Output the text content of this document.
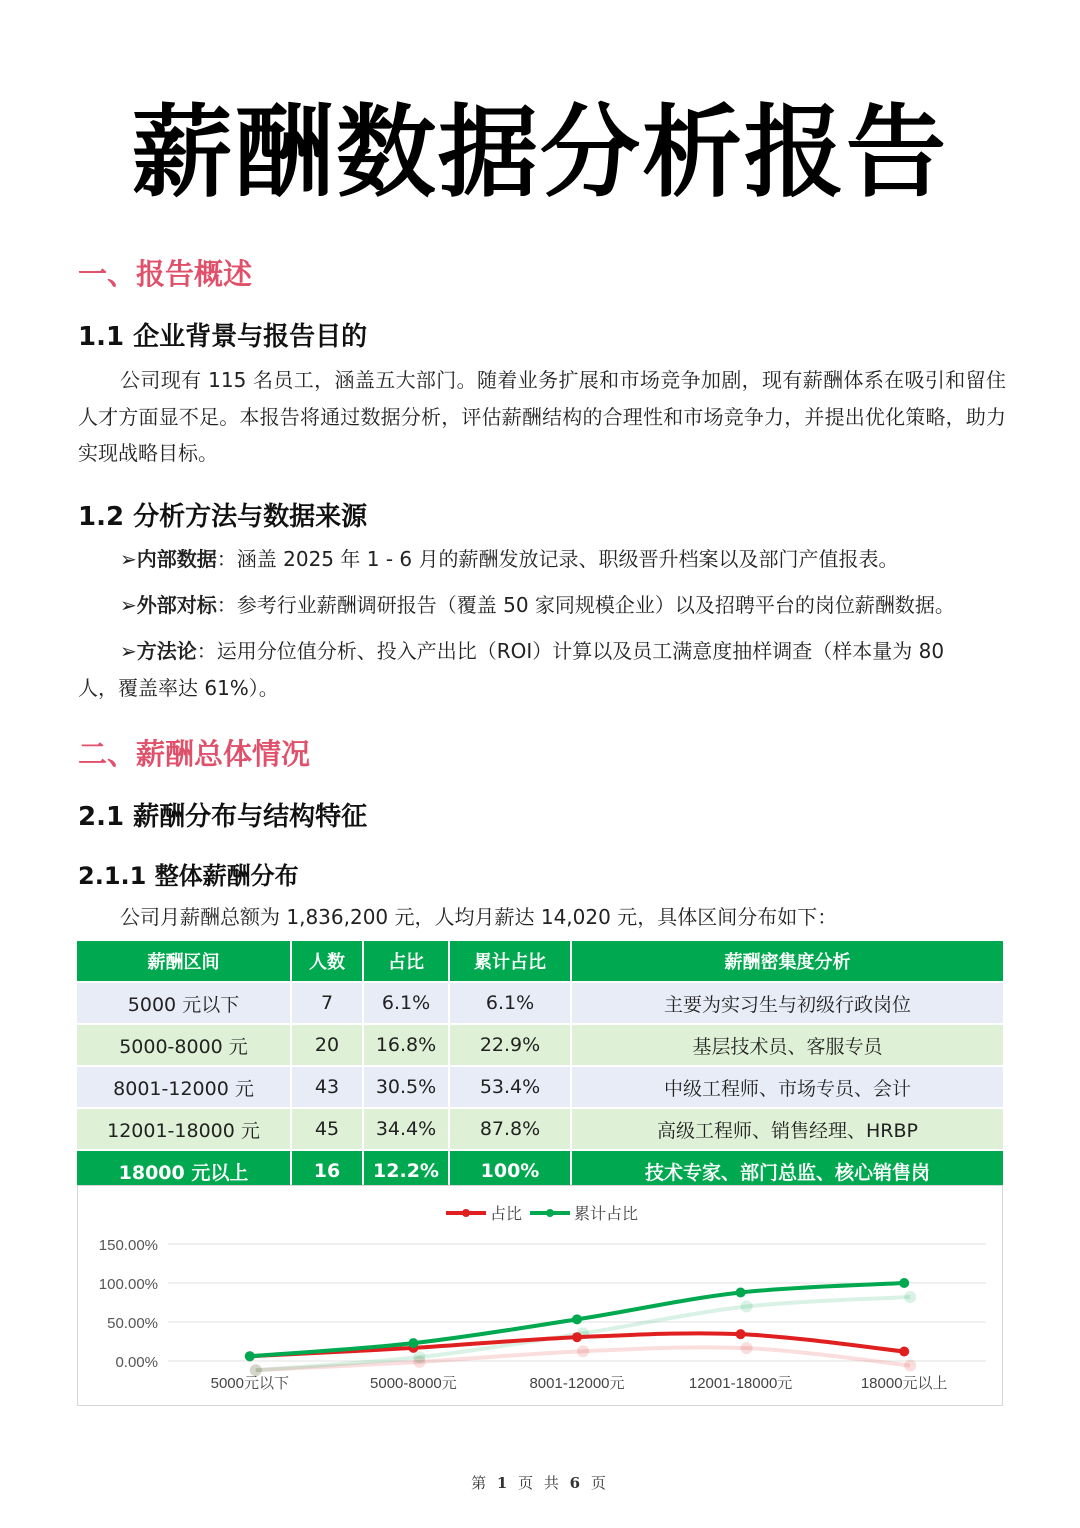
薪酬数据分析报告
一、报告概述
1.1 企业背景与报告目的
公司现有 115 名员工，涵盖五大部门。随着业务扩展和市场竞争加剧，现有薪酬体系在吸引和留住人才方面显不足。本报告将通过数据分析，评估薪酬结构的合理性和市场竞争力，并提出优化策略，助力实现战略目标。
1.2 分析方法与数据来源
➢内部数据：涵盖 2025 年 1 - 6 月的薪酬发放记录、职级晋升档案以及部门产值报表。
➢外部对标：参考行业薪酬调研报告（覆盖 50 家同规模企业）以及招聘平台的岗位薪酬数据。
➢方法论：运用分位值分析、投入产出比（ROI）计算以及员工满意度抽样调查（样本量为 80
人，覆盖率达 61%）。
二、薪酬总体情况
2.1 薪酬分布与结构特征
2.1.1 整体薪酬分布
公司月薪酬总额为 1,836,200 元，人均月薪达 14,020 元，具体区间分布如下：
薪酬区间	人数	占比	累计占比	薪酬密集度分析
5000 元以下	7	6.1%	6.1%	主要为实习生与初级行政岗位
5000-8000 元	20	16.8%	22.9%	基层技术员、客服专员
8001-12000 元	43	30.5%	53.4%	中级工程师、市场专员、会计
12001-18000 元	45	34.4%	87.8%	高级工程师、销售经理、HRBP
18000 元以上	16	12.2%	100%	技术专家、部门总监、核心销售岗
0.00%
50.00%
100.00%
150.00%
5000元以下	5000-8000元	8001-12000元	12001-18000元	18000元以上
占比	累计占比
第 1 页 共 6 页
